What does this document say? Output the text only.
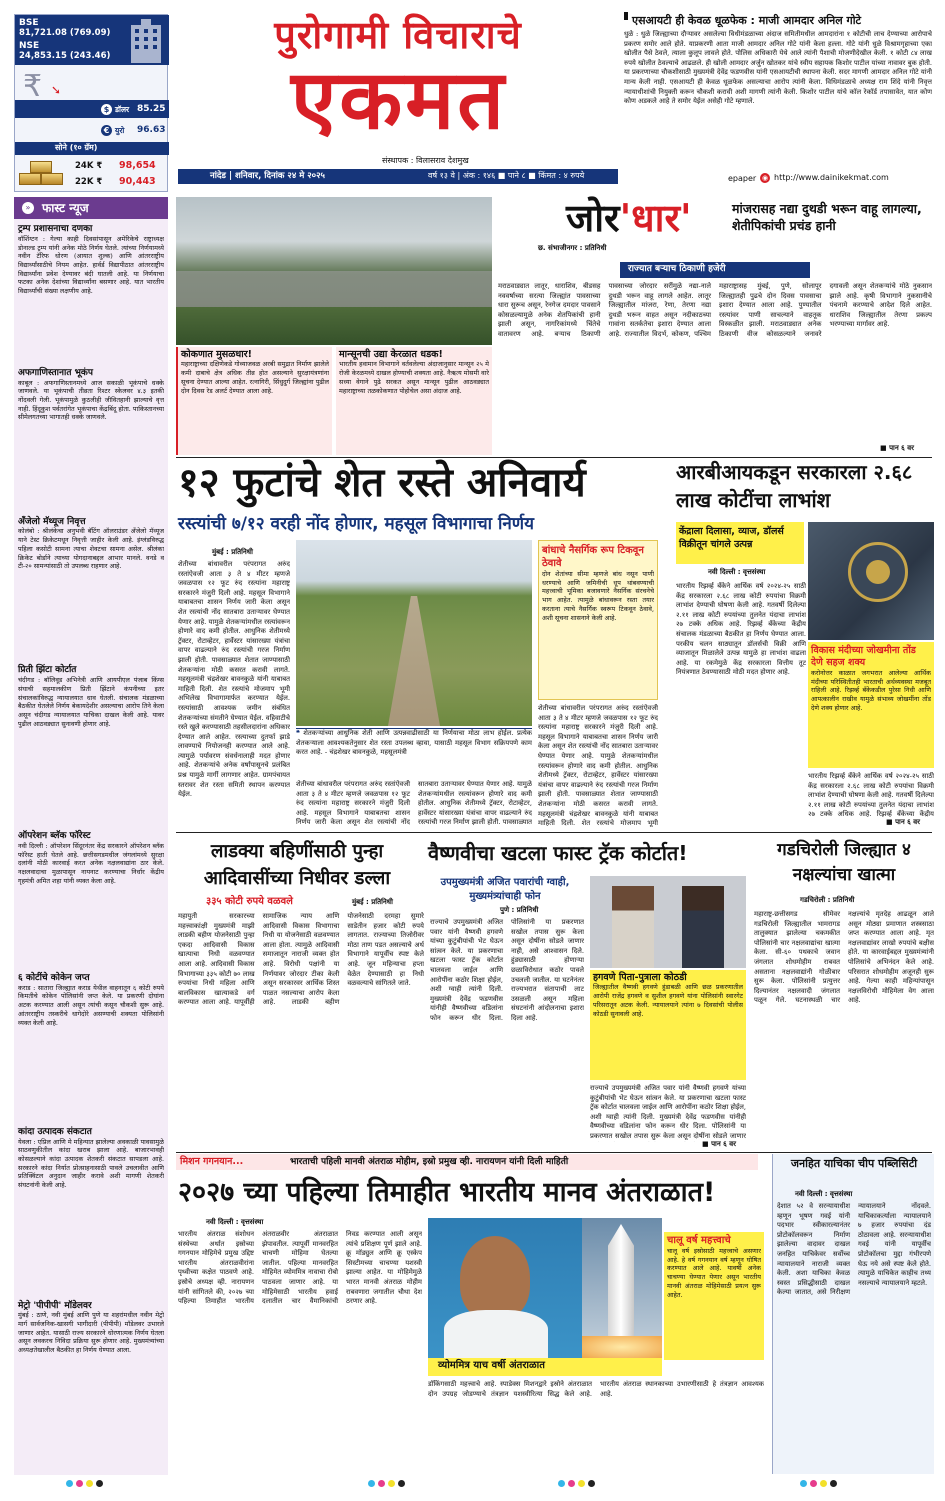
BSE
81,721.08 (769.09)
NSE
24,853.15 (243.46)
₹ ➘
$ डॉलर 85.25
€ युरो 96.63
सोने (१० ग्रॅम)
24K ₹ 98,654
22K ₹ 90,443
पुरोगामी विचाराचे
एकमत
संस्थापक : विलासराव देशमुख
नांदेड | शनिवार, दिनांक २४ मे २०२५	वर्ष १३ वे | अंक : १४६ ■ पाने ८ ■ किंमत : ४ रुपये	epaper ◉ http://www.dainikekmat.com
एसआयटी ही केवळ धूळफेक : माजी आमदार अनिल गोटे
धुळे : धुळे जिल्ह्याच्या दौऱ्यावर असलेल्या विधीमंडळाच्या अंदाज समितीमधील आमदारांना १ कोटीची लाच देण्याच्या आरोपाचे प्रकरण समोर आले होते. याप्रकरणी आता माजी आमदार अनिल गोटे यांनी केला हल्ला. गोटे यांनी धुळे विश्रामगृहाच्या एका खोलीत पैसे ठेवले, त्याला कुलूप लावले होते. पोलिस अधिकारी येथे आले त्यांनी पैशाची मोजणीदेखील केली. १ कोटी ८४ लाख रुपये खोलीत ठेवल्याचे आढळले. ही खोली आमदार अर्जुन खोतकर यांचे स्वीय सहायक किशोर पाटील यांच्या नावावर बुक होती. या प्रकरणाच्या चौकशीसाठी मुख्यमंत्री देवेंद्र फडणवीस यांनी एसआयटीची स्थापना केली. सदर मागणी आमदार अनिल गोटे यांनी मान्य केली नाही. एसआयटी ही केवळ धूळफेक असल्याचा आरोप त्यांनी केला. विधिमंडळाचे अध्यक्ष राम शिंदे यांनी निवृत्त न्यायाधीशांची नियुक्ती करून चौकशी करावी अशी मागणी त्यांनी केली. किशोर पाटील यांचे कॉल रेकॉर्ड तपासावेत, यात कोण कोण अडकले आहे ते समोर येईल असेही गोटे म्हणाले.
» फास्ट न्यूज
ट्रम्प प्रशासनाचा दणका
वॉशिंग्टन : गेल्या काही दिवसांपासून अमेरिकेचे राष्ट्राध्यक्ष डोनाल्ड ट्रम्प यांनी अनेक मोठे निर्णय घेतले. त्यांच्या निर्णयामध्ये नवीन टॅरिफ धोरण (आयात शुल्क) आणि आंतरराष्ट्रीय विद्यार्थ्यांसाठीचे नियम आहेत. हार्वर्ड विद्यापीठात आंतरराष्ट्रीय विद्यार्थ्यांना प्रवेश देण्यावर बंदी घातली आहे. या निर्णयाचा फटका अनेक देशांच्या विद्यार्थ्यांना बसणार आहे. यात भारतीय विद्यार्थ्यांची संख्या लक्षणीय आहे.
अफगाणिस्तानात भूकंप
काबूल : अफगाणिस्तानमध्ये आज सकाळी भूकंपाचे धक्के जाणवले. या भूकंपाची तीव्रता रिश्टर स्केलवर ४.३ इतकी नोंदवली गेली. भूकंपामुळे कुठलीही जीवितहानी झाल्याचे वृत्त नाही. हिंदूकुश पर्वतरांगेत भूकंपाचा केंद्रबिंदू होता. पाकिस्तानच्या सीमेलगतच्या भागातही धक्के जाणवले.
अँजेलो मॅथ्यूज निवृत्त
कोलंबो : श्रीलंकेचा अनुभवी बॅटिंग ऑलराउंडर अँजेलो मॅथ्यूज याने टेस्ट क्रिकेटमधून निवृत्ती जाहीर केली आहे. इंग्लंडविरुद्ध पहिला कसोटी सामना त्याचा शेवटचा सामना असेल. श्रीलंका क्रिकेट बोर्डाने त्याच्या योगदानाबद्दल आभार मानले. वनडे व टी-२० सामन्यांसाठी तो उपलब्ध राहणार आहे.
प्रिती झिंटा कोर्टात
चंदीगड : बॉलिवूड अभिनेत्री आणि आयपीएल पंजाब किंग्स संघाची सहमालकीण प्रिती झिंटाने कंपनीच्या इतर संचालकांविरुद्ध न्यायालयात धाव घेतली. संचालक मंडळाच्या बैठकीत घेतलेले निर्णय बेकायदेशीर असल्याचा आरोप तिने केला असून चंदीगड न्यायालयात याचिका दाखल केली आहे. यावर पुढील आठवड्यात सुनावणी होणार आहे.
ऑपरेशन ब्लॅक फॉरेस्ट
नवी दिल्ली : ऑपरेशन सिंदूरनंतर केंद्र सरकारने ऑपरेशन ब्लॅक फॉरेस्ट हाती घेतले आहे. छत्तीसगडमधील जंगलांमध्ये सुरक्षा दलांनी मोठी कारवाई करत अनेक नक्षलवाद्यांना ठार केले. नक्षलवादाचा मुळापासून नायनाट करण्याचा निर्धार केंद्रीय गृहमंत्री अमित शहा यांनी व्यक्त केला आहे.
६ कोटींचे कोकेन जप्त
कराड : सातारा जिल्ह्यात कराड येथील वाहनातून ६ कोटी रुपये किमतीचे कोकेन पोलिसांनी जप्त केले. या प्रकरणी दोघांना अटक करण्यात आली असून त्यांची कसून चौकशी सुरू आहे. आंतरराष्ट्रीय तस्करीचे धागेदोरे असण्याची शक्यता पोलिसांनी व्यक्त केली आहे.
कांदा उत्पादक संकटात
येवला : एप्रिल आणि मे महिन्यात झालेल्या अवकाळी पावसामुळे साठवणुकीतील कांदा खराब झाला आहे. बाजारभावही कोसळल्याने कांदा उत्पादक शेतकरी संकटात सापडला आहे. सरकारने कांदा निर्यात प्रोत्साहनासाठी पावले उचलावीत आणि प्रतिक्विंटल अनुदान जाहीर करावे अशी मागणी शेतकरी संघटनांनी केली आहे.
मेट्रो 'पीपीपी' मॉडेलवर
मुंबई : ठाणे, नवी मुंबई आणि पुणे या शहरांमधील नवीन मेट्रो मार्ग सार्वजनिक-खासगी भागीदारी (पीपीपी) मॉडेलवर उभारले जाणार आहेत. यासाठी राज्य सरकारने धोरणात्मक निर्णय घेतला असून लवकरच निविदा प्रक्रिया सुरू होणार आहे. मुख्यमंत्र्यांच्या अध्यक्षतेखालील बैठकीत हा निर्णय घेण्यात आला.
कोकणात मुसळधार!
महाराष्ट्राच्या दक्षिणेकडे गोव्याजवळ अरबी समुद्रात निर्माण झालेले कमी दाबाचे क्षेत्र अधिक तीव्र होत असल्याने सुरक्षायंत्रणांना सूचना देण्यात आल्या आहेत. रत्नागिरी, सिंधुदुर्ग जिल्ह्यांना पुढील दोन दिवस रेड अलर्ट देण्यात आला आहे.
मान्सूनची उद्या केरळात धडक!
भारतीय हवामान विभागाने वर्तवलेल्या अंदाजानुसार मान्सून २५ मे रोजी केरळमध्ये दाखल होण्याची शक्यता आहे. नैऋत्य मोसमी वारे सध्या वेगाने पुढे सरकत असून मान्सून पुढील आठवड्यात महाराष्ट्राच्या तळकोकणात पोहोचेल असा अंदाज आहे.
जोर'धार'
छ. संभाजीनगर : प्रतिनिधी
मांजरासह नद्या दुथडी भरून वाहू लागल्या, शेतीपिकांची प्रचंड हानी
राज्यात बऱ्याच ठिकाणी हजेरी
मराठवाड्यात लातूर, धाराशिव, बीडसह नववर्षाच्या सरत्या जिल्ह्यांत पावसाच्या धारा सुरूच असून, रेनगेज दमदार पावसाने कोसळल्यामुळे अनेक शेतपिकांची हानी झाली असून, नागरिकांमध्ये चिंतेचे वातावरण आहे. बऱ्याच ठिकाणी पावसाच्या जोरदार सरींमुळे नद्या-नाले दुथडी भरून वाहू लागले आहेत. लातूर जिल्ह्यातील मांजरा, रेणा, तेरणा नद्या दुथडी भरून वाहत असून नदीकाठच्या गावांना सतर्कतेचा इशारा देण्यात आला आहे. राज्यातील विदर्भ, कोकण, पश्चिम महाराष्ट्रासह मुंबई, पुणे, सोलापूर जिल्ह्यातही पुढचे दोन दिवस पावसाचा इशारा देण्यात आला आहे. पुण्यातील रस्त्यांवर पाणी साचल्याने वाहतूक विस्कळीत झाली. मराठवाड्यात अनेक ठिकाणी वीज कोसळल्याने जनावरे दगावली असून शेतकऱ्यांचे मोठे नुकसान झाले आहे. कृषी विभागाने नुकसानीचे पंचनामे करण्याचे आदेश दिले आहेत. धाराशिव जिल्ह्यातील तेरणा प्रकल्प भरण्याच्या मार्गावर आहे.
■ पान ६ वर
१२ फुटांचे शेत रस्ते अनिवार्य
रस्त्यांची ७/१२ वरही नोंद होणार, महसूल विभागाचा निर्णय
मुंबई : प्रतिनिधी
शेतीच्या बांधावरील परंपरागत अरुंद रस्तांऐवजी आता ३ ते ४ मीटर म्हणजे जवळपास १२ फूट रुंद रस्त्यांना महाराष्ट्र सरकारने मंजुरी दिली आहे. महसूल विभागाने याबाबतचा शासन निर्णय जारी केला असून शेत रस्त्यांची नोंद सातबारा उताऱ्यावर घेण्यात येणार आहे. यामुळे शेतकऱ्यांमधील रस्त्यांवरून होणारे वाद कमी होतील. आधुनिक शेतीमध्ये ट्रॅक्टर, रोटाव्हेटर, हार्वेस्टर यांसारख्या यंत्रांचा वापर वाढल्याने रुंद रस्त्यांची गरज निर्माण झाली होती. पावसाळ्यात शेतात जाण्यासाठी शेतकऱ्यांना मोठी कसरत करावी लागते. महसूलमंत्री चंद्रशेखर बावनकुळे यांनी याबाबत माहिती दिली. शेत रस्त्यांचे मोजमाप भूमी अभिलेख विभागामार्फत करण्यात येईल. रस्त्यांसाठी आवश्यक जमीन संबंधित शेतकऱ्यांच्या संमतीने घेण्यात येईल. वहिवाटीचे रस्ते खुले करण्यासाठी तहसीलदारांना अधिकार देण्यात आले आहेत. रस्त्याच्या दुतर्फा झाडे लावण्याचे नियोजनही करण्यात आले आहे. त्यामुळे पर्यावरण संवर्धनालाही मदत होणार आहे. शेतकऱ्यांचे अनेक वर्षांपासूनचे प्रलंबित प्रश्न यामुळे मार्गी लागणार आहेत. ग्रामपंचायत स्तरावर शेत रस्ता समिती स्थापन करण्यात येईल.
❝ शेतकऱ्यांच्या आधुनिक शेती आणि उत्पन्नवाढीसाठी या निर्णयाचा मोठा लाभ होईल. प्रत्येक शेतकऱ्याला आवश्यकतेनुसार शेत रस्ता उपलब्ध व्हावा, यासाठी महसूल विभाग सक्रियपणे काम करत आहे. - चंद्रशेखर बावनकुळे, महसूलमंत्री
शेतीच्या बांधावरील परंपरागत अरुंद रस्तांऐवजी आता ३ ते ४ मीटर म्हणजे जवळपास १२ फूट रुंद रस्त्यांना महाराष्ट्र सरकारने मंजुरी दिली आहे. महसूल विभागाने याबाबतचा शासन निर्णय जारी केला असून शेत रस्त्यांची नोंद सातबारा उताऱ्यावर घेण्यात येणार आहे. यामुळे शेतकऱ्यांमधील रस्त्यांवरून होणारे वाद कमी होतील. आधुनिक शेतीमध्ये ट्रॅक्टर, रोटाव्हेटर, हार्वेस्टर यांसारख्या यंत्रांचा वापर वाढल्याने रुंद रस्त्यांची गरज निर्माण झाली होती. पावसाळ्यात
बांधाचे नैसर्गिक रूप टिकवून ठेवावे
दोन शेतांच्या सीमा म्हणजे बांध नसून पाणी धरण्याचे आणि जमिनीची धूप थांबवण्याची महत्त्वाची भूमिका बजावणारे नैसर्गिक संरचनेचे भाग आहेत. त्यामुळे बांधावरून रस्ता तयार करताना त्याचे नैसर्गिक स्वरूप टिकवून ठेवावे, अशी सूचना शासनाने केली आहे.
शेतीच्या बांधावरील परंपरागत अरुंद रस्तांऐवजी आता ३ ते ४ मीटर म्हणजे जवळपास १२ फूट रुंद रस्त्यांना महाराष्ट्र सरकारने मंजुरी दिली आहे. महसूल विभागाने याबाबतचा शासन निर्णय जारी केला असून शेत रस्त्यांची नोंद सातबारा उताऱ्यावर घेण्यात येणार आहे. यामुळे शेतकऱ्यांमधील रस्त्यांवरून होणारे वाद कमी होतील. आधुनिक शेतीमध्ये ट्रॅक्टर, रोटाव्हेटर, हार्वेस्टर यांसारख्या यंत्रांचा वापर वाढल्याने रुंद रस्त्यांची गरज निर्माण झाली होती. पावसाळ्यात शेतात जाण्यासाठी शेतकऱ्यांना मोठी कसरत करावी लागते. महसूलमंत्री चंद्रशेखर बावनकुळे यांनी याबाबत माहिती दिली. शेत रस्त्यांचे मोजमाप भूमी
आरबीआयकडून सरकारला २.६८ लाख कोटींचा लाभांश
केंद्राला दिलासा, व्याज, डॉलर्स विक्रीतून चांगले उत्पन्न
नवी दिल्ली : वृत्तसंस्था
भारतीय रिझर्व्ह बँकेने आर्थिक वर्ष २०२४-२५ साठी केंद्र सरकारला २.६८ लाख कोटी रुपयांचा विक्रमी लाभांश देण्याची घोषणा केली आहे. गतवर्षी दिलेल्या २.११ लाख कोटी रुपयांच्या तुलनेत यंदाचा लाभांश २७ टक्के अधिक आहे. रिझर्व्ह बँकेच्या केंद्रीय संचालक मंडळाच्या बैठकीत हा निर्णय घेण्यात आला. परकीय चलन साठ्यातून डॉलर्सची विक्री आणि व्याजातून मिळालेले उत्पन्न यामुळे हा लाभांश वाढला आहे. या रकमेमुळे केंद्र सरकारला वित्तीय तूट नियंत्रणात ठेवण्यासाठी मोठी मदत होणार आहे.
विकास मंदीच्या जोखमीना तोंड देणे सहज शक्य
करोनोत्तर काळात जगभरात आलेल्या आर्थिक मंदीच्या परिस्थितीतही भारताची अर्थव्यवस्था मजबूत राहिली आहे. रिझर्व्ह बँकेकडील पुरेसा निधी आणि आपत्कालीन राखीव यामुळे संभाव्य जोखमींना तोंड देणे शक्य होणार आहे.
भारतीय रिझर्व्ह बँकेने आर्थिक वर्ष २०२४-२५ साठी केंद्र सरकारला २.६८ लाख कोटी रुपयांचा विक्रमी लाभांश देण्याची घोषणा केली आहे. गतवर्षी दिलेल्या २.११ लाख कोटी रुपयांच्या तुलनेत यंदाचा लाभांश २७ टक्के अधिक आहे. रिझर्व्ह बँकेच्या केंद्रीय
■ पान ६ वर
लाडक्या बहिणींसाठी पुन्हा आदिवासींच्या निधीवर डल्ला
३३५ कोटी रुपये वळवले	मुंबई : प्रतिनिधी
महायुती सरकारच्या महत्त्वाकांक्षी मुख्यमंत्री माझी लाडकी बहीण योजनेसाठी पुन्हा एकदा आदिवासी विकास खात्याचा निधी वळवण्यात आला आहे. आदिवासी विकास विभागाच्या ३३५ कोटी ७० लाख रुपयांचा निधी महिला आणि बालविकास खात्याकडे वर्ग करण्यात आला आहे. यापूर्वीही सामाजिक न्याय आणि आदिवासी विकास विभागाचा निधी या योजनेसाठी वळवण्यात आला होता. त्यामुळे आदिवासी समाजातून नाराजी व्यक्त होत आहे. विरोधी पक्षांनी या निर्णयावर जोरदार टीका केली असून सरकारवर आर्थिक शिस्त पाळत नसल्याचा आरोप केला आहे. लाडकी बहीण योजनेसाठी दरमहा सुमारे साडेतीन हजार कोटी रुपये लागतात. राज्याच्या तिजोरीवर मोठा ताण पडत असल्याचे अर्थ विभागाने यापूर्वीच स्पष्ट केले आहे. जून महिन्याचा हप्ता वेळेत देण्यासाठी हा निधी वळवल्याचे सांगितले जाते.
वैष्णवीचा खटला फास्ट ट्रॅक कोर्टात!
उपमुख्यमंत्री अजित पवारांची ग्वाही, मुख्यमंत्र्यांचाही फोन
पुणे : प्रतिनिधी
हगवणे पिता-पुत्राला कोठडी
जिल्ह्यातील वैष्णवी हगवणे हुंडाबळी आणि छळ प्रकरणातील आरोपी राजेंद्र हगवणे व सुशील हगवणे यांना पोलिसांनी स्वारगेट परिसरातून अटक केली. न्यायालयाने त्यांना ७ दिवसांची पोलीस कोठडी सुनावली आहे.
राज्याचे उपमुख्यमंत्री अजित पवार यांनी वैष्णवी हगवणे यांच्या कुटुंबीयांची भेट घेऊन सांत्वन केले. या प्रकरणाचा खटला फास्ट ट्रॅक कोर्टात चालवला जाईल आणि आरोपींना कठोर शिक्षा होईल, अशी ग्वाही त्यांनी दिली. मुख्यमंत्री देवेंद्र फडणवीस यांनीही वैष्णवीच्या वडिलांना फोन करून धीर दिला. पोलिसांनी या प्रकरणात सखोल तपास सुरू केला असून दोषींना सोडले जाणार नाही, असे आश्वासन दिले. हुंड्यासाठी होणाऱ्या छळाविरोधात कठोर पावले उचलली जातील. या घटनेनंतर राज्यभरात संतापाची लाट उसळली असून महिला संघटनांनी आंदोलनाचा इशारा दिला आहे.
राज्याचे उपमुख्यमंत्री अजित पवार यांनी वैष्णवी हगवणे यांच्या कुटुंबीयांची भेट घेऊन सांत्वन केले. या प्रकरणाचा खटला फास्ट ट्रॅक कोर्टात चालवला जाईल आणि आरोपींना कठोर शिक्षा होईल, अशी ग्वाही त्यांनी दिली. मुख्यमंत्री देवेंद्र फडणवीस यांनीही वैष्णवीच्या वडिलांना फोन करून धीर दिला. पोलिसांनी या प्रकरणात सखोल तपास सुरू केला असून दोषींना सोडले जाणार
■ पान ६ वर
गडचिरोली जिल्ह्यात ४ नक्षल्यांचा खात्मा
गडचिरोली : प्रतिनिधी
महाराष्ट्र-छत्तीसगड सीमेवर गडचिरोली जिल्ह्यातील भामरागड तालुक्यात झालेल्या चकमकीत पोलिसांनी चार नक्षलवाद्यांचा खात्मा केला. सी-६० पथकाचे जवान जंगलात शोधमोहीम राबवत असताना नक्षलवाद्यांनी गोळीबार सुरू केला. पोलिसांनी प्रत्युत्तर दिल्यानंतर नक्षलवादी जंगलात पळून गेले. घटनास्थळी चार नक्षल्यांचे मृतदेह आढळून आले असून मोठ्या प्रमाणात शस्त्रसाठा जप्त करण्यात आला आहे. मृत नक्षलवाद्यांवर लाखो रुपयांचे बक्षीस होते. या कारवाईबद्दल मुख्यमंत्र्यांनी पोलिसांचे अभिनंदन केले आहे. परिसरात शोधमोहीम अजूनही सुरू आहे. गेल्या काही महिन्यांपासून नक्षलविरोधी मोहिमेला वेग आला आहे.
मिशन गगनयान...	भारताची पहिली मानवी अंतराळ मोहीम, इस्रो प्रमुख व्ही. नारायणन यांनी दिली माहिती
२०२७ च्या पहिल्या तिमाहीत भारतीय मानव अंतराळात!
नवी दिल्ली : वृत्तसंस्था
भारतीय अंतराळ संशोधन संस्थेच्या अर्थात इस्रोच्या गगनयान मोहिमेचे प्रमुख उद्दिष्ट भारतीय अंतराळवीरांना पृथ्वीच्या कक्षेत पाठवणे आहे. इस्रोचे अध्यक्ष व्ही. नारायणन यांनी सांगितले की, २०२७ च्या पहिल्या तिमाहीत भारतीय अंतराळवीर अंतराळात झेपावतील. त्यापूर्वी मानवरहित चाचणी मोहिमा घेतल्या जातील. पहिल्या मानवरहित मोहिमेत व्योममित्र नावाचा रोबो पाठवला जाणार आहे. या मोहिमेसाठी भारतीय हवाई दलातील चार वैमानिकांची निवड करण्यात आली असून त्यांचे प्रशिक्षण पूर्ण झाले आहे. क्रू मॉड्युल आणि क्रू एस्केप सिस्टीमच्या चाचण्या यशस्वी झाल्या आहेत. या मोहिमेमुळे भारत मानवी अंतराळ मोहीम राबवणारा जगातील चौथा देश ठरणार आहे.
व्योममित्र याच वर्षी अंतराळात
चालू वर्ष महत्त्वाचे
चालू वर्ष इस्रोसाठी महत्त्वाचे असणार आहे. हे वर्ष गगनयान वर्ष म्हणून घोषित करण्यात आले आहे. यावर्षी अनेक चाचण्या घेण्यात येणार असून भारतीय मानवी अंतराळ मोहिमेसाठी प्रयत्न सुरू आहेत.
डॉकिंगसाठी महत्त्वाचे आहे. स्पाडेक्स मिशनद्वारे इस्रोने अंतराळात दोन उपग्रह जोडण्याचे तंत्रज्ञान यशस्वीरित्या सिद्ध केले आहे. भारतीय अंतराळ स्थानकाच्या उभारणीसाठी हे तंत्रज्ञान आवश्यक आहे.
जनहित याचिका चीप पब्लिसिटी
नवी दिल्ली : वृत्तसंस्था
देशात ५२ वे सरन्यायाधीश म्हणून भूषण गवई यांनी पदभार स्वीकारल्यानंतर प्रोटोकॉलवरून निर्माण झालेल्या वादावर दाखल जनहित याचिकेवर सर्वोच्च न्यायालयाने नाराजी व्यक्त केली. अशा याचिका केवळ स्वस्त प्रसिद्धीसाठी दाखल केल्या जातात, असे निरीक्षण न्यायालयाने नोंदवले. याचिकाकर्त्याला न्यायालयाने ७ हजार रुपयांचा दंड ठोठावला आहे. सरन्यायाधीश गवई यांनी यापूर्वीच प्रोटोकॉलचा मुद्दा गंभीरपणे घेऊ नये असे स्पष्ट केले होते. त्यामुळे याचिकेत काहीच तथ्य नसल्याचे न्यायालयाने म्हटले.
